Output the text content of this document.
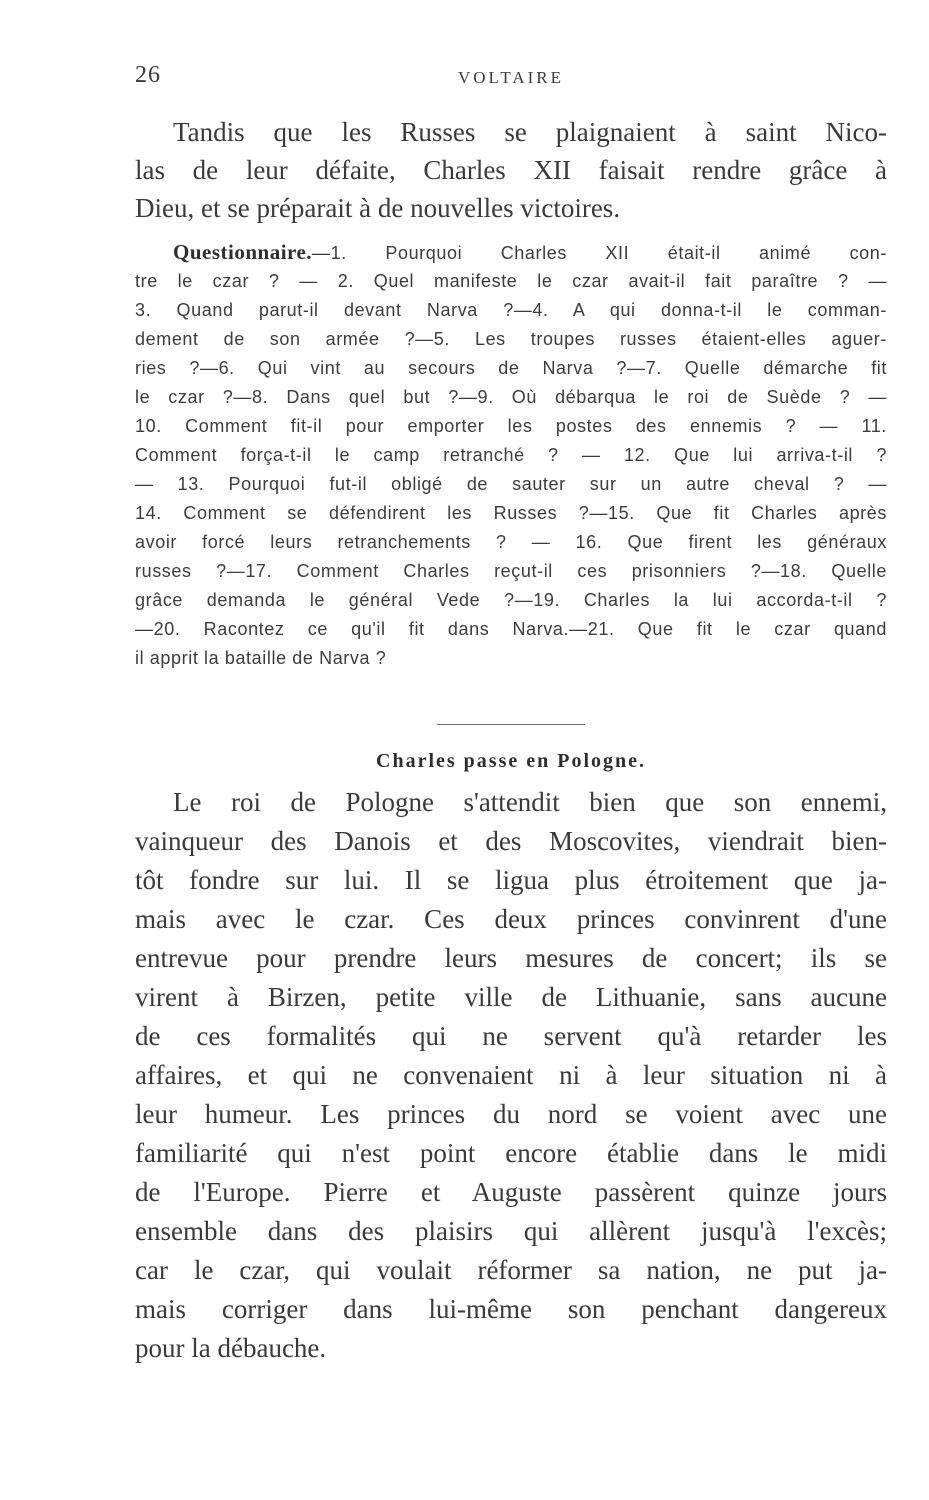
26	VOLTAIRE
Tandis que les Russes se plaignaient à saint Nico-
las de leur défaite, Charles XII faisait rendre grâce à
Dieu, et se préparait à de nouvelles victoires.
Questionnaire.—1. Pourquoi Charles XII était-il animé con-
tre le czar ? — 2. Quel manifeste le czar avait-il fait paraître ? —
3. Quand parut-il devant Narva ?—4. A qui donna-t-il le comman-
dement de son armée ?—5. Les troupes russes étaient-elles aguer-
ries ?—6. Qui vint au secours de Narva ?—7. Quelle démarche fit
le czar ?—8. Dans quel but ?—9. Où débarqua le roi de Suède ? —
10. Comment fit-il pour emporter les postes des ennemis ? — 11.
Comment força-t-il le camp retranché ? — 12. Que lui arriva-t-il ?
— 13. Pourquoi fut-il obligé de sauter sur un autre cheval ? —
14. Comment se défendirent les Russes ?—15. Que fit Charles après
avoir forcé leurs retranchements ? — 16. Que firent les généraux
russes ?—17. Comment Charles reçut-il ces prisonniers ?—18. Quelle
grâce demanda le général Vede ?—19. Charles la lui accorda-t-il ?
—20. Racontez ce qu'il fit dans Narva.—21. Que fit le czar quand
il apprit la bataille de Narva ?
Charles passe en Pologne.
Le roi de Pologne s'attendit bien que son ennemi,
vainqueur des Danois et des Moscovites, viendrait bien-
tôt fondre sur lui. Il se ligua plus étroitement que ja-
mais avec le czar. Ces deux princes convinrent d'une
entrevue pour prendre leurs mesures de concert; ils se
virent à Birzen, petite ville de Lithuanie, sans aucune
de ces formalités qui ne servent qu'à retarder les
affaires, et qui ne convenaient ni à leur situation ni à
leur humeur. Les princes du nord se voient avec une
familiarité qui n'est point encore établie dans le midi
de l'Europe. Pierre et Auguste passèrent quinze jours
ensemble dans des plaisirs qui allèrent jusqu'à l'excès;
car le czar, qui voulait réformer sa nation, ne put ja-
mais corriger dans lui-même son penchant dangereux
pour la débauche.
